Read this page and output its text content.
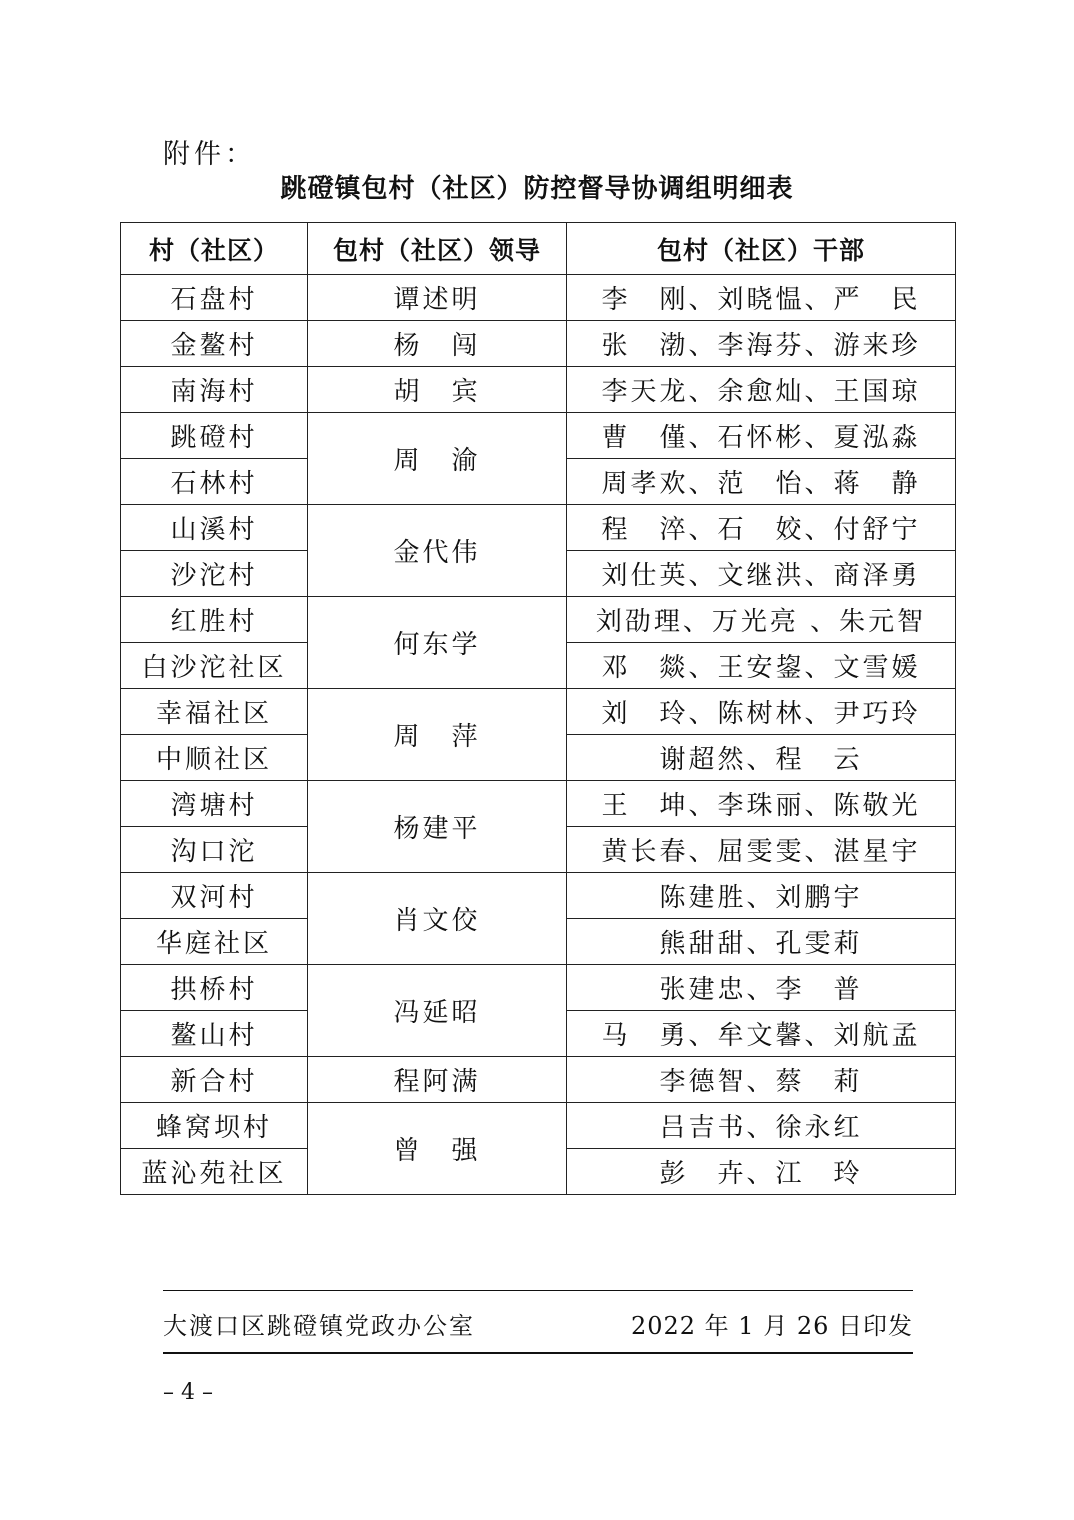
附件：
跳磴镇包村（社区）防控督导协调组明细表
村（社区）	包村（社区）领导	包村（社区）干部
石盘村	谭述明	李　刚、刘晓愠、严　民
金鳌村	杨　闯	张　渤、李海芬、游来珍
南海村	胡　宾	李天龙、余愈灿、王国琼
跳磴村	周　渝	曹　僅、石怀彬、夏泓淼
石林村		周孝欢、范　怡、蒋　静
山溪村	金代伟	程　淬、石　姣、付舒宁
沙沱村		刘仕英、文继洪、商泽勇
红胜村	何东学	刘劭理、万光亮 、朱元智
白沙沱社区		邓　燚、王安鋆、文雪媛
幸福社区	周　萍	刘　玲、陈树林、尹巧玲
中顺社区		谢超然、程　云
湾塘村	杨建平	王　坤、李珠丽、陈敬光
沟口沱		黄长春、屈雯雯、湛星宇
双河村	肖文佼	陈建胜、刘鹏宇
华庭社区		熊甜甜、孔雯莉
拱桥村	冯延昭	张建忠、李　普
鳌山村		马　勇、牟文馨、刘航孟
新合村	程阿满	李德智、蔡　莉
蜂窝坝村	曾　强	吕吉书、徐永红
蓝沁苑社区		彭　卉、江　玲
大渡口区跳磴镇党政办公室	2022 年 1 月 26 日印发
– 4 –
